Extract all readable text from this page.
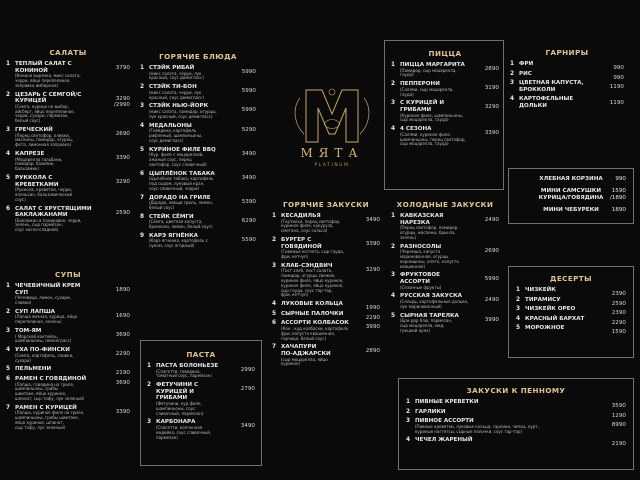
САЛАТЫ
1 ТЕПЛЫЙ САЛАТ С
КОНИНОЙ
(Конина вырезка, микс салата,
черри, яйцо перепелиное,
заправка имбирная)
3790
2 ЦЕЗАРЬ С СЕМГОЙ/С
КУРИЦЕЙ
(Семга, курица на выбор,
айсберг, яйцо перепелиное,
черри, сухари, пармезан,
белый соус)
3290
/2990
3 ГРЕЧЕСКИЙ
(Перец светофор, оливки,
маслины, помидор, огурец,
фета, лимонная заправка)
2690
4 КАПРЕЗЕ
(Моцарелла гальбани,
помидор, базилик,
бальзамик)
3390
5 РУККОЛА С
КРЕВЕТКАМИ
(Руккола, креветки, черри,
апельсин, бальзамический
соус)
3290
6 САЛАТ С ХРУСТЯЩИМИ
БАКЛАЖАНАМИ
(Баклажан в панировке, черри,
зелень, сыр пармезан,
соус кисло-сладкий)
2590
СУПЫ
1 ЧЕЧЕВИЧНЫЙ КРЕМ
СУП
(Чечевица, лимон, сухари,
сливки)
1890
2 СУП ЛАПША
(Лапша яичная, курица, яйцо
перепелиное, зелень)
1690
3 ТОМ-ЯМ
( Морской коктейль,
шампиньоны, лемонграсс)
3690
4 УХА ПО-ФИНСКИ
(Семга, картофель, сливки,
сухари)
2290
5 ПЕЛЬМЕНИ
2190
6 РАМЕН С ГОВЯДИНОЙ
(Лапша, говядина на гриле,
шампиньоны, грибы
шиитаке, яйцо куриное,
шпинат, сыр тофу, лук зеленый)
3690
7 РАМЕН С КУРИЦЕЙ
(Лапша, куриное филе на гриле,
шампиньоны, грибы шиитаке,
яйцо куриное, шпинат,
сыр тофу, лук зеленый)
3390
ГОРЯЧИЕ БЛЮДА
1 СТЭЙК РИБАЙ
(микс салата, черри, лук
красный, соус демигласс)
5990
2 СТЭЙК ТИ-БОН
(микс салата, черри, лук
красный, соус демигласс)
5990
3 СТЭЙК НЬЮ-ЙОРК
(микс салата, помидор, огурцы,
лук красный, соус демигласс)
5990
4 МЕДАЛЬОНЫ
(Говядина, картофель
рифленый, шампиньоны,
соус демигласс)
5290
5 КУРИНОЕ ФИЛЕ BBQ
(Кур. филе с моцареллой,
ажаный соус, перец
светофор, соус сливочный)
3490
6 ЦЫПЛЁНОК ТАБАКА
(Цыплёнок табака, картофель
под сыром, луковый кран,
соус сливочный, черри)
3490
7 ДОРАДО НА ГРИЛЕ
(Дорадо, овощи гриль, лимон,
белый соус)
5390
8 СТЕЙК СЁМГИ
(Сёмга, цветная капуста,
брокколи, лимон, белый соус)
6290
9 КАРЭ ЯГНЁНКА
(Карэ ягненка, картофель с
луком, соус ягодный)
5590
ПАСТА
1 ПАСТА БОЛОНЬЕЗЕ
(Спагетти, говядина,
томатный соус, пармезан)
2990
2 ФЕТУЧИНИ С
КУРИЦЕЙ И
ГРИБАМИ
(Фетучини, кур филе,
шампиньоны, соус
сливочный, пармезан)
2790
3 КАРБОНАРА
(Спагетти, копченная
индейка, соус сливочный,
пармезан)
3490
МЯТА
PLATINUM
ГОРЯЧИЕ ЗАКУСКИ
1 КЕСАДИЛЬЯ
(Тортилья, перец светофор,
куриное филе, кукуруза,
сметана, соус сальса)
3490
2 БУРГЕР С ГОВЯДИНОЙ
(Говяжья котлета, сыр гауда,
фри, кетчуп)
3390
3 КЛАБ-СЭНДВИЧ
(Тост хлеб, лист салата,
помидор, огурцы свежие,
куриное филе, яйцо куриное,
куриное филе, яйцо куриное,
сыр гауда, соус тар-тар,
фри, кетчуп)
3290
4 ЛУКОВЫЕ КОЛЬЦА
1990
5 СЫРНЫЕ ПАЛОЧКИ
2290
6 АССОРТИ КОЛБАСОК
(Кон . куд колбаски, картофель
фри, капуста квашенная,
горчица, белый соус)
3990
7 ХАЧАПУРИ
ПО-АДЖАРСКИ
(сыр моцарелла, яйцо
куриное)
2890
ПИЦЦА
1 ПИЦЦА МАРГАРИТА
(Помидор, сыр моцарелла,
гауда)
2890
2 ПЕППЕРОНИ
(Салями, сыр моцарелла,
гауда)
3190
3 С КУРИЦЕЙ И ГРИБАМИ
(Куриное филе, шампиньоны,
сыр моцарелла, гауда)
3290
4 4 СЕЗОНА
(Салями, куриное филе,
шампиньоны, перец светофор,
сыр моцарелла, гауда)
3390
ХОЛОДНЫЕ ЗАКУСКИ
1 КАВКАЗСКАЯ НАРЕЗКА
(Перец светофор, помидор,
огурцы, маслины, брынза,
зелень)
2490
2 РАЗНОСОЛЫ
(Черемша, капуста
маринованная, огурцы
корнишоны, опята, капуста
квашенная)
2690
3 ФРУКТОВОЕ АССОРТИ
(Сезонные фрукты)
5990
4 РУССКАЯ ЗАКУСКА
(Сельдь, картофельные дольки,
лук маринованный)
2490
5 СЫРНАЯ ТАРЕЛКА
(Бри дор блю, пармезан,
сыр моцарелла, мед,
грецкий орех)
3990
ГАРНИРЫ
1 ФРИ
990
2 РИС
990
3 ЦВЕТНАЯ КАПУСТА,
БРОККОЛИ	1190
4 КАРТОФЕЛЬНЫЕ
ДОЛЬКИ	1190
ХЛЕБНАЯ КОРЗИНА 990
МИНИ САМСУШКИ
КУРИЦА/ГОВЯДИНА
1590
/1890
МИНИ ЧЕБУРЕКИ 1890
ДЕСЕРТЫ
1 ЧИЗКЕЙК
2390
2 ТИРАМИСУ
2590
3 ЧИЗКЕЙК ОРЕО
2390
4 КРАСНЫЙ БАРХАТ
2290
5 МОРОЖНОЕ
1590
ЗАКУСКИ К ПЕННОМУ
1 ПИВНЫЕ КРЕВЕТКИ
3590
2 ГАРЛИКИ
1290
3 ПИВНОЕ АССОРТИ
(Пивные креветки, луковые кольца, гарлики, чипсы, курт,
куриные наггетсы, сырные палочки, соус тар-тар)
8990
4 ЧЕЧЕЛ ЖАРЕНЫЙ
2190
